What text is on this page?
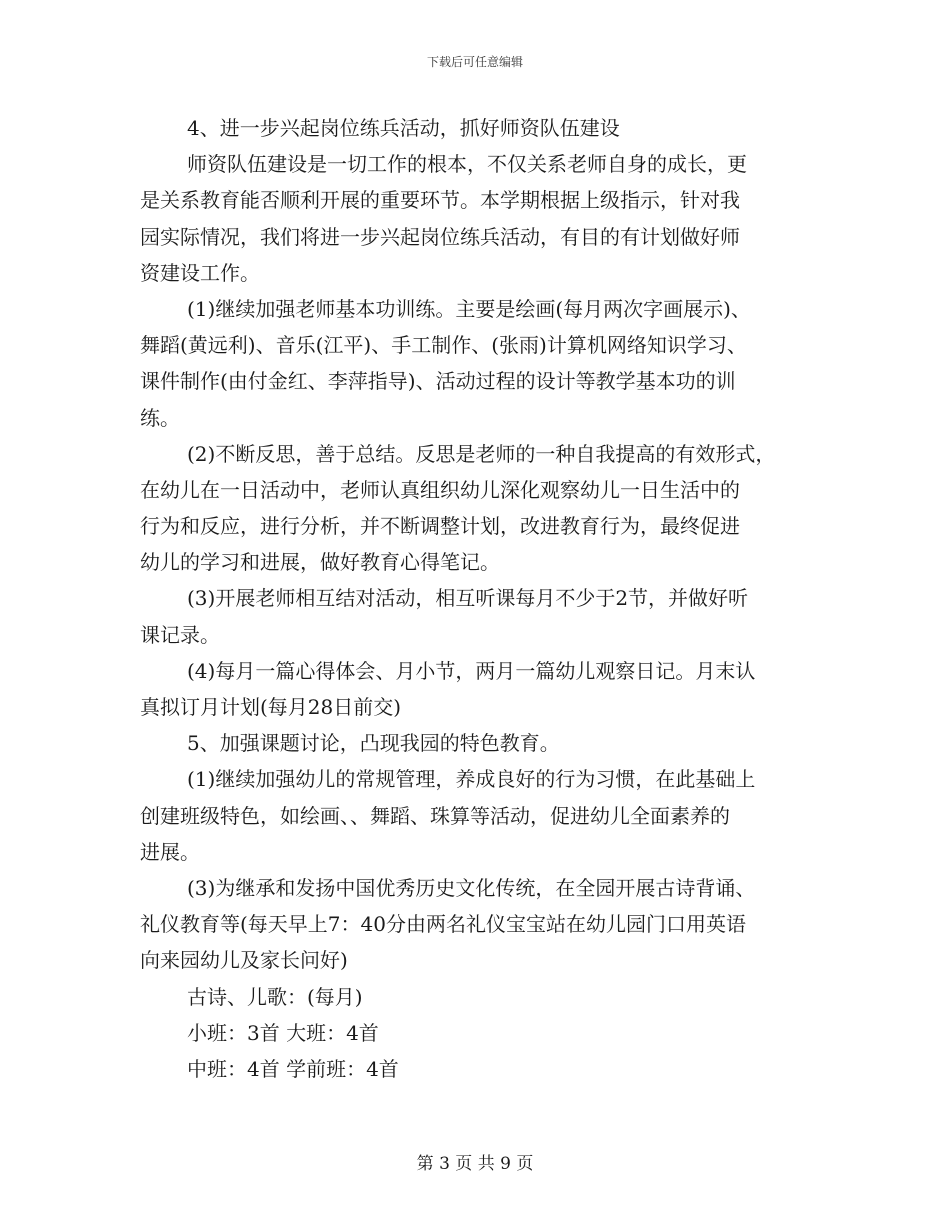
下载后可任意编辑
4、进一步兴起岗位练兵活动，抓好师资队伍建设
师资队伍建设是一切工作的根本，不仅关系老师自身的成长，更
是关系教育能否顺利开展的重要环节。本学期根据上级指示，针对我
园实际情况，我们将进一步兴起岗位练兵活动，有目的有计划做好师
资建设工作。
(1)继续加强老师基本功训练。主要是绘画(每月两次字画展示)、
舞蹈(黄远利)、音乐(江平)、手工制作、(张雨)计算机网络知识学习、
课件制作(由付金红、李萍指导)、活动过程的设计等教学基本功的训
练。
(2)不断反思，善于总结。反思是老师的一种自我提高的有效形式，
在幼儿在一日活动中，老师认真组织幼儿深化观察幼儿一日生活中的
行为和反应，进行分析，并不断调整计划，改进教育行为，最终促进
幼儿的学习和进展，做好教育心得笔记。
(3)开展老师相互结对活动，相互听课每月不少于2节，并做好听
课记录。
(4)每月一篇心得体会、月小节，两月一篇幼儿观察日记。月末认
真拟订月计划(每月28日前交)
5、加强课题讨论，凸现我园的特色教育。
(1)继续加强幼儿的常规管理，养成良好的行为习惯，在此基础上
创建班级特色，如绘画、、舞蹈、珠算等活动，促进幼儿全面素养的
进展。
(3)为继承和发扬中国优秀历史文化传统，在全园开展古诗背诵、
礼仪教育等(每天早上7：40分由两名礼仪宝宝站在幼儿园门口用英语
向来园幼儿及家长问好)
古诗、儿歌：(每月)
小班：3首 大班：4首
中班：4首 学前班：4首
第 3 页 共 9 页
